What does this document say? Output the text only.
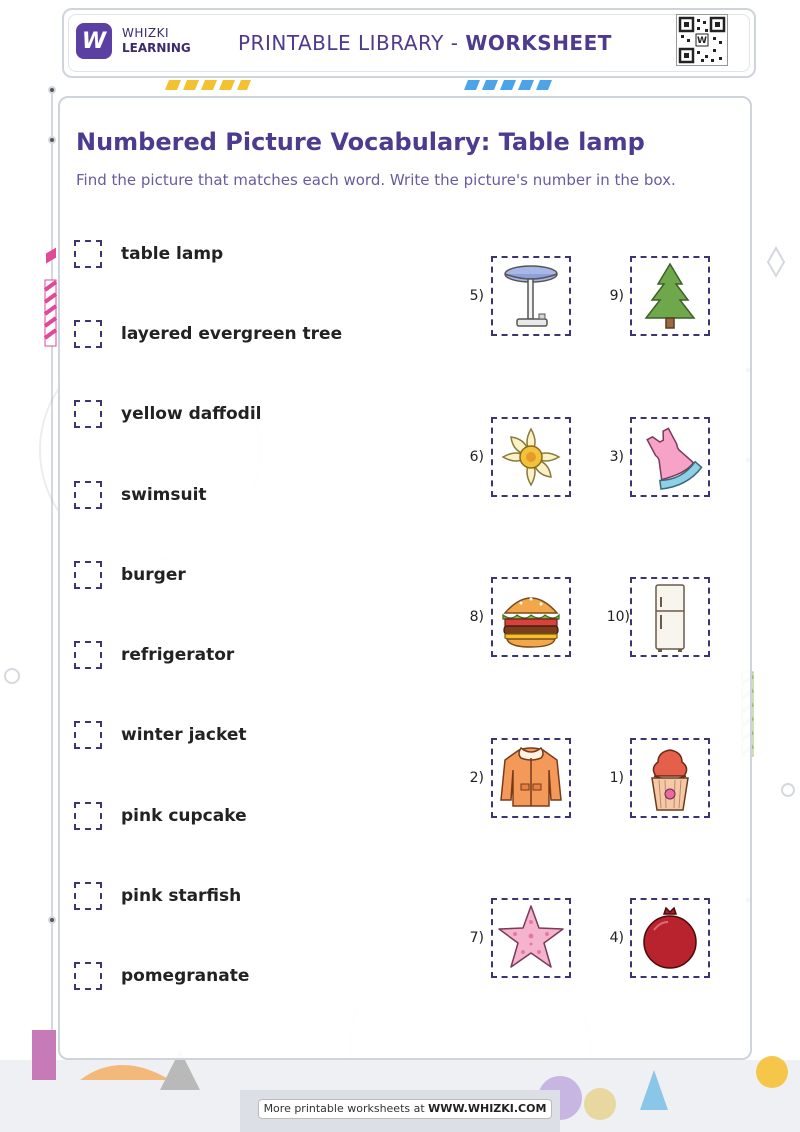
W	WHIZKI
LEARNING PRINTABLE LIBRARY - WORKSHEET	W
Numbered Picture Vocabulary: Table lamp
Find the picture that matches each word. Write the picture's number in the box.
table lamp
layered evergreen tree
yellow daffodil
swimsuit
burger
refrigerator
winter jacket
pink cupcake
pink starfish
pomegranate
5)	9)
6)	3)
8)	10)
2)	1)
7)	4)
More printable worksheets at WWW.WHIZKI.COM
